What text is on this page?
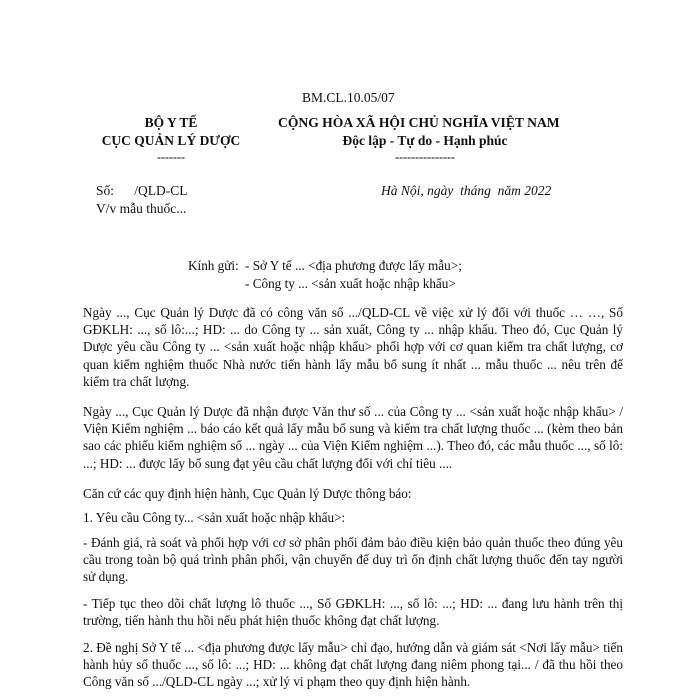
BM.CL.10.05/07
BỘ Y TẾ
CỤC QUẢN LÝ DƯỢC
-------
CỘNG HÒA XÃ HỘI CHỦ NGHĨA VIỆT NAM
Độc lập - Tự do - Hạnh phúc
---------------
Số:      /QLD-CL
V/v mẫu thuốc...
Hà Nội, ngày  tháng  năm 2022
Kính gửi: - Sở Y tế ... <địa phương được lấy mẫu>;
- Công ty ... <sản xuất hoặc nhập khẩu>
Ngày ..., Cục Quản lý Dược đã có công văn số .../QLD-CL về việc xử lý đối với thuốc … …, Số GĐKLH: ..., số lô:...; HD: ... do Công ty ... sản xuất, Công ty ... nhập khẩu. Theo đó, Cục Quản lý Dược yêu cầu Công ty ... <sản xuất hoặc nhập khẩu> phối hợp với cơ quan kiểm tra chất lượng, cơ quan kiểm nghiệm thuốc Nhà nước tiến hành lấy mẫu bổ sung ít nhất ... mẫu thuốc ... nêu trên để kiểm tra chất lượng.
Ngày ..., Cục Quản lý Dược đã nhận được Văn thư số ... của Công ty ... <sản xuất hoặc nhập khẩu> / Viện Kiểm nghiệm ... báo cáo kết quả lấy mẫu bổ sung và kiểm tra chất lượng thuốc ... (kèm theo bản sao các phiếu kiểm nghiệm số ... ngày ... của Viện Kiểm nghiệm ...). Theo đó, các mẫu thuốc ..., số lô: ...; HD: ... được lấy bổ sung đạt yêu cầu chất lượng đối với chỉ tiêu ....
Căn cứ các quy định hiện hành, Cục Quản lý Dược thông báo:
1. Yêu cầu Công ty... <sản xuất hoặc nhập khẩu>:
- Đánh giá, rà soát và phối hợp với cơ sở phân phối đảm bảo điều kiện bảo quản thuốc theo đúng yêu cầu trong toàn bộ quá trình phân phối, vận chuyển để duy trì ổn định chất lượng thuốc đến tay người sử dụng.
- Tiếp tục theo dõi chất lượng lô thuốc ..., Số GĐKLH: ..., số lô: ...; HD: ... đang lưu hành trên thị trường, tiến hành thu hồi nếu phát hiện thuốc không đạt chất lượng.
2. Đề nghị Sở Y tế ... <địa phương được lấy mẫu> chỉ đạo, hướng dẫn và giám sát <Nơi lấy mẫu> tiến hành hủy số thuốc ..., số lô: ...; HD: ... không đạt chất lượng đang niêm phong tại... / đã thu hồi theo Công văn số .../QLD-CL ngày ...; xử lý vi phạm theo quy định hiện hành.
